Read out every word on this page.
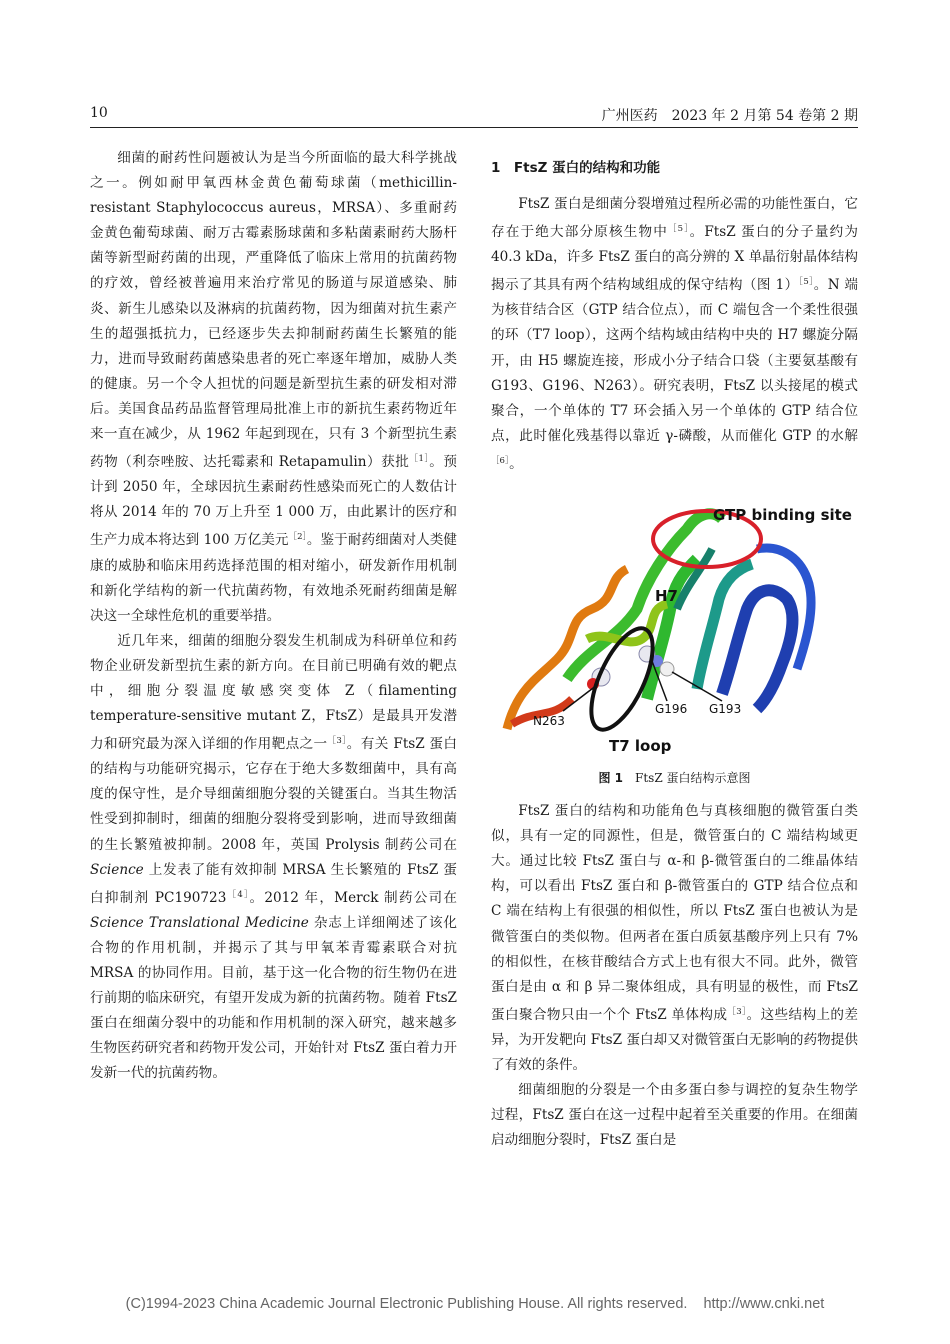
10	广州医药　2023 年 2 月第 54 卷第 2 期

细菌的耐药性问题被认为是当今所面临的最大科学挑战之一。例如耐甲氧西林金黄色葡萄球菌（methicillin-resistant Staphylococcus aureus，MRSA）、多重耐药金黄色葡萄球菌、耐万古霉素肠球菌和多粘菌素耐药大肠杆菌等新型耐药菌的出现，严重降低了临床上常用的抗菌药物的疗效，曾经被普遍用来治疗常见的肠道与尿道感染、肺炎、新生儿感染以及淋病的抗菌药物，因为细菌对抗生素产生的超强抵抗力，已经逐步失去抑制耐药菌生长繁殖的能力，进而导致耐药菌感染患者的死亡率逐年增加，威胁人类的健康。另一个令人担忧的问题是新型抗生素的研发相对滞后。美国食品药品监督管理局批准上市的新抗生素药物近年来一直在减少，从 1962 年起到现在，只有 3 个新型抗生素药物（利奈唑胺、达托霉素和 Retapamulin）获批$^{[1]}$。预计到 2050 年，全球因抗生素耐药性感染而死亡的人数估计将从 2014 年的 70 万上升至 1 000 万，由此累计的医疗和生产力成本将达到 100 万亿美元$^{[2]}$。鉴于耐药细菌对人类健康的威胁和临床用药选择范围的相对缩小，研发新作用机制和新化学结构的新一代抗菌药物，有效地杀死耐药细菌是解决这一全球性危机的重要举措。

近几年来，细菌的细胞分裂发生机制成为科研单位和药物企业研发新型抗生素的新方向。在目前已明确有效的靶点中，细胞分裂温度敏感突变体 Z（filamenting temperature-sensitive mutant Z，FtsZ）是最具开发潜力和研究最为深入详细的作用靶点之一$^{[3]}$。有关 FtsZ 蛋白的结构与功能研究揭示，它存在于绝大多数细菌中，具有高度的保守性，是介导细菌细胞分裂的关键蛋白。当其生物活性受到抑制时，细菌的细胞分裂将受到影响，进而导致细菌的生长繁殖被抑制。2008 年，英国 Prolysis 制药公司在 Science 上发表了能有效抑制 MRSA 生长繁殖的 FtsZ 蛋白抑制剂 $PC190723^{[4]}$。2012 年，Merck 制药公司在 Science Translational Medicine 杂志上详细阐述了该化合物的作用机制，并揭示了其与甲氧苯青霉素联合对抗 MRSA 的协同作用。目前，基于这一化合物的衍生物仍在进行前期的临床研究，有望开发成为新的抗菌药物。随着 FtsZ 蛋白在细菌分裂中的功能和作用机制的深入研究，越来越多生物医药研究者和药物开发公司，开始针对 FtsZ 蛋白着力开发新一代的抗菌药物。

1　FtsZ 蛋白的结构和功能

FtsZ 蛋白是细菌分裂增殖过程所必需的功能性蛋白，它存在于绝大部分原核生物中$^{[5]}$。FtsZ 蛋白的分子量约为 40.3 kDa，许多 FtsZ 蛋白的高分辨的 X 单晶衍射晶体结构揭示了其具有两个结构域组成的保守结构（图 1）$^{[5]}$。N 端为核苷结合区（GTP 结合位点），而 C 端包含一个柔性很强的环（T7 loop），这两个结构域由结构中央的 H7 螺旋分隔开，由 H5 螺旋连接，形成小分子结合口袋（主要氨基酸有 G193、G196、N263）。研究表明，FtsZ 以头接尾的模式聚合，一个单体的 T7 环会插入另一个单体的 GTP 结合位点，此时催化残基得以靠近 γ-磷酸，从而催化 GTP 的水解$^{[6]}$。

GTP binding site
H7
N263
G196 G193
T7 loop
图 1 FtsZ 蛋白结构示意图

FtsZ 蛋白的结构和功能角色与真核细胞的微管蛋白类似，具有一定的同源性，但是，微管蛋白的 C 端结构域更大。通过比较 FtsZ 蛋白与 α-和 β-微管蛋白的二维晶体结构，可以看出 FtsZ 蛋白和 β-微管蛋白的 GTP 结合位点和 C 端在结构上有很强的相似性，所以 FtsZ 蛋白也被认为是微管蛋白的类似物。但两者在蛋白质氨基酸序列上只有 7% 的相似性，在核苷酸结合方式上也有很大不同。此外，微管蛋白是由 α 和 β 异二聚体组成，具有明显的极性，而 FtsZ 蛋白聚合物只由一个个 FtsZ 单体构成$^{[3]}$。这些结构上的差异，为开发靶向 FtsZ 蛋白却又对微管蛋白无影响的药物提供了有效的条件。

细菌细胞的分裂是一个由多蛋白参与调控的复杂生物学过程，FtsZ 蛋白在这一过程中起着至关重要的作用。在细菌启动细胞分裂时，FtsZ 蛋白是

(C)1994-2023 China Academic Journal Electronic Publishing House. All rights reserved. http://www.cnki.net
